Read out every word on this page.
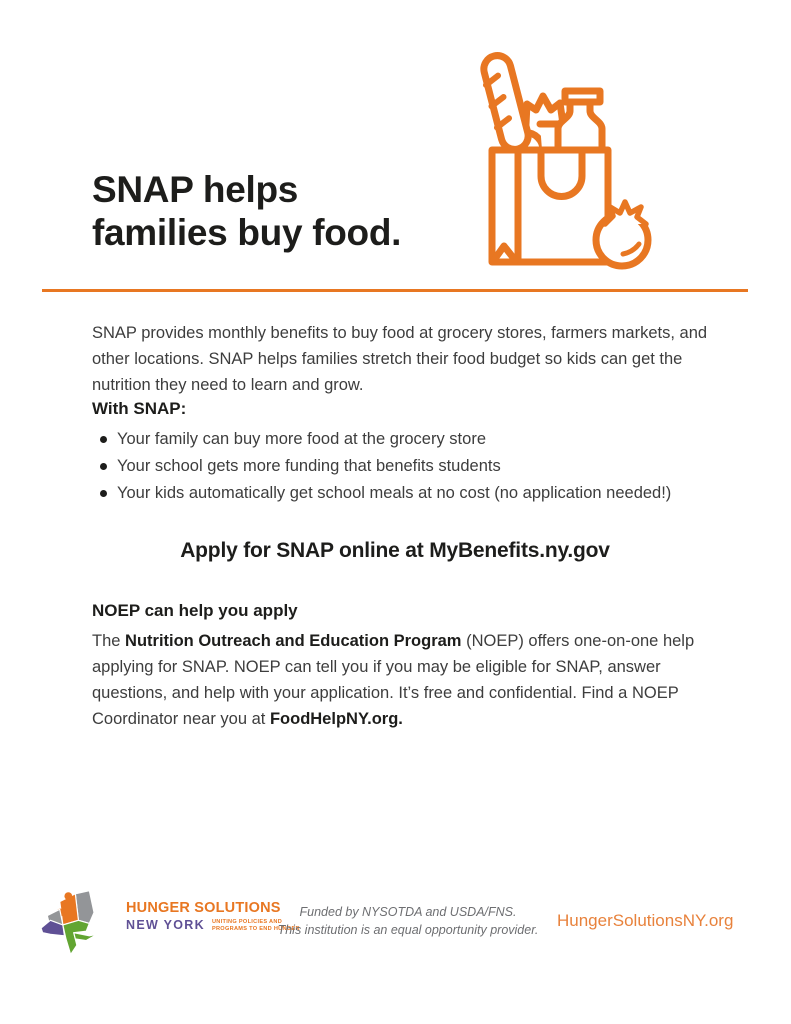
SNAP helps
families buy food.

SNAP provides monthly benefits to buy food at grocery stores, farmers markets, and other locations. SNAP helps families stretch their food budget so kids can get the nutrition they need to learn and grow.

With SNAP:
Your family can buy more food at the grocery store
Your school gets more funding that benefits students
Your kids automatically get school meals at no cost (no application needed!)
Apply for SNAP online at MyBenefits.ny.gov
NOEP can help you apply

The Nutrition Outreach and Education Program (NOEP) offers one-on-one help applying for SNAP. NOEP can tell you if you may be eligible for SNAP, answer questions, and help with your application. It’s free and confidential. Find a NOEP Coordinator near you at FoodHelpNY.org.

HUNGER SOLUTIONS
NEW YORK UNITING POLICIES AND
PROGRAMS TO END HUNGER
Funded by NYSOTDA and USDA/FNS.
This institution is an equal opportunity provider.	HungerSolutionsNY.org
